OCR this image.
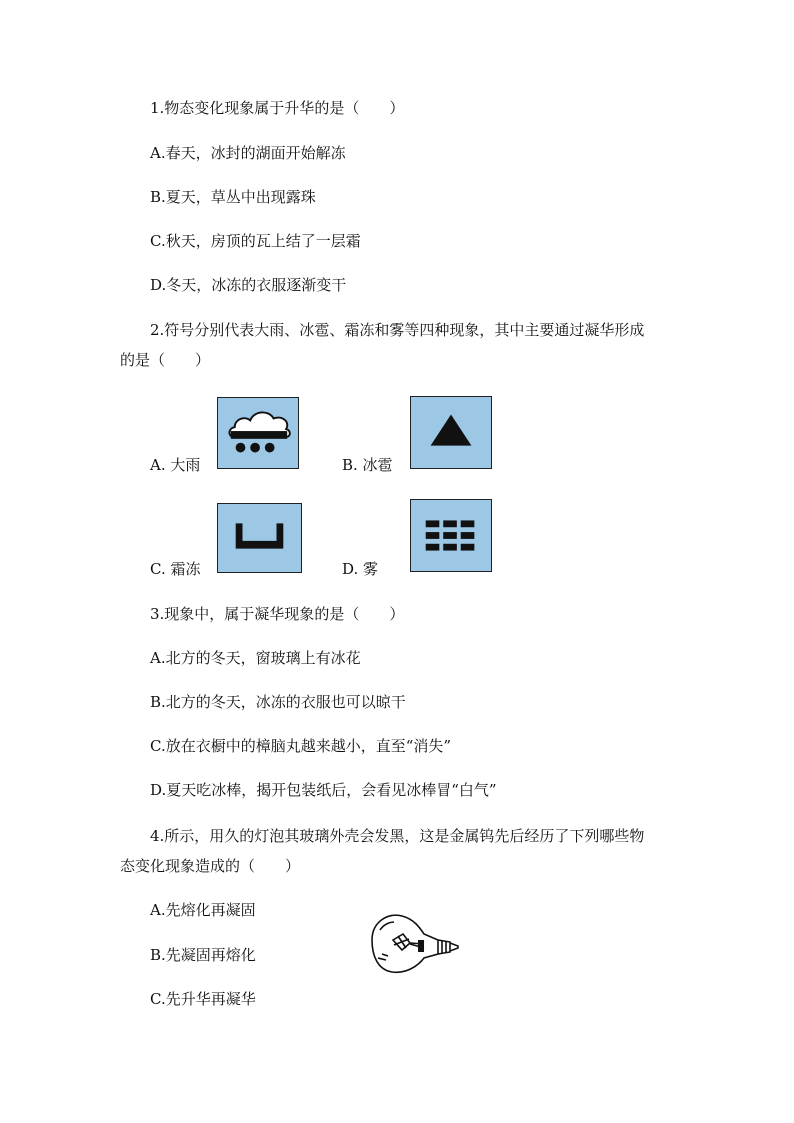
1.物态变化现象属于升华的是（　　）
A.春天，冰封的湖面开始解冻
B.夏天，草丛中出现露珠
C.秋天，房顶的瓦上结了一层霜
D.冬天，冰冻的衣服逐渐变干
2.符号分别代表大雨、冰雹、霜冻和雾等四种现象，其中主要通过凝华形成
的是（　　）
A. 大雨	B. 冰雹
C. 霜冻	D. 雾
3.现象中，属于凝华现象的是（　　）
A.北方的冬天，窗玻璃上有冰花
B.北方的冬天，冰冻的衣服也可以晾干
C.放在衣橱中的樟脑丸越来越小，直至“消失”
D.夏天吃冰棒，揭开包装纸后，会看见冰棒冒“白气”
4.所示，用久的灯泡其玻璃外壳会发黑，这是金属钨先后经历了下列哪些物
态变化现象造成的（　　）
A.先熔化再凝固
B.先凝固再熔化
C.先升华再凝华
